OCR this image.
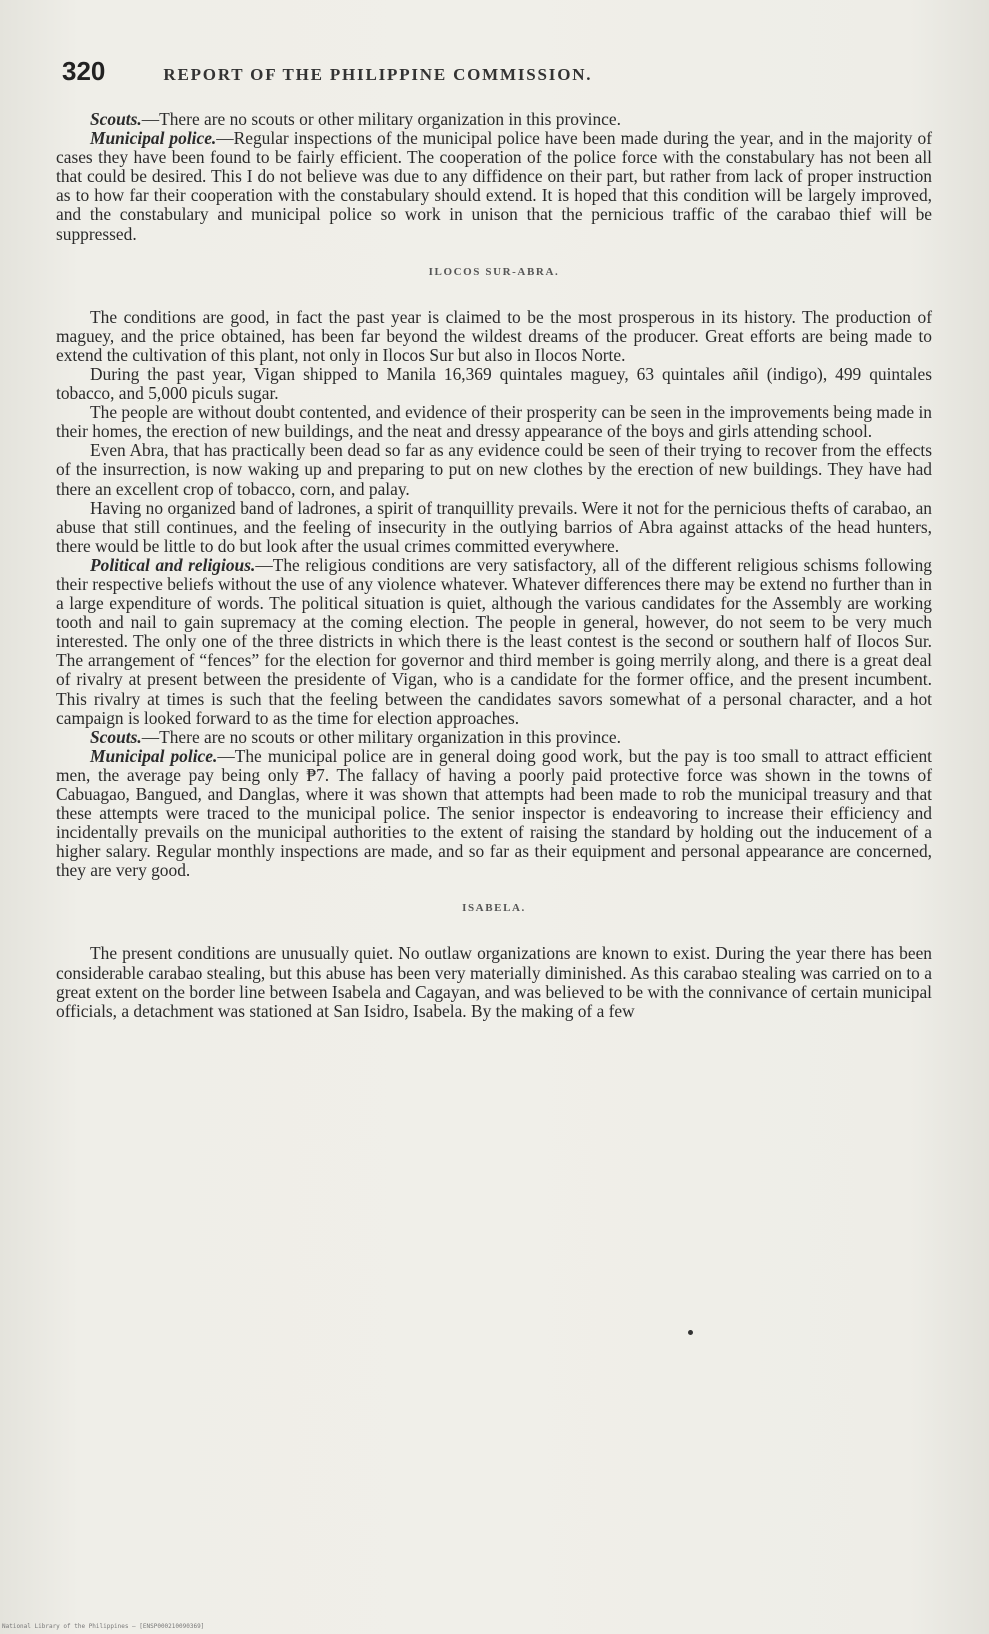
320	REPORT OF THE PHILIPPINE COMMISSION.

Scouts.—There are no scouts or other military organization in this province.

Municipal police.—Regular inspections of the municipal police have been made during the year, and in the majority of cases they have been found to be fairly efficient. The cooperation of the police force with the constabulary has not been all that could be desired. This I do not believe was due to any diffidence on their part, but rather from lack of proper instruction as to how far their cooperation with the constabulary should extend. It is hoped that this condition will be largely improved, and the constabulary and municipal police so work in unison that the pernicious traffic of the carabao thief will be suppressed.

ILOCOS SUR-ABRA.

The conditions are good, in fact the past year is claimed to be the most prosperous in its history. The production of maguey, and the price obtained, has been far beyond the wildest dreams of the producer. Great efforts are being made to extend the cultivation of this plant, not only in Ilocos Sur but also in Ilocos Norte.

During the past year, Vigan shipped to Manila 16,369 quintales maguey, 63 quintales añil (indigo), 499 quintales tobacco, and 5,000 piculs sugar.

The people are without doubt contented, and evidence of their prosperity can be seen in the improvements being made in their homes, the erection of new buildings, and the neat and dressy appearance of the boys and girls attending school.

Even Abra, that has practically been dead so far as any evidence could be seen of their trying to recover from the effects of the insurrection, is now waking up and preparing to put on new clothes by the erection of new buildings. They have had there an excellent crop of tobacco, corn, and palay.

Having no organized band of ladrones, a spirit of tranquillity prevails. Were it not for the pernicious thefts of carabao, an abuse that still continues, and the feeling of insecurity in the outlying barrios of Abra against attacks of the head hunters, there would be little to do but look after the usual crimes committed everywhere.

Political and religious.—The religious conditions are very satisfactory, all of the different religious schisms following their respective beliefs without the use of any violence whatever. Whatever differences there may be extend no further than in a large expenditure of words. The political situation is quiet, although the various candidates for the Assembly are working tooth and nail to gain supremacy at the coming election. The people in general, however, do not seem to be very much interested. The only one of the three districts in which there is the least contest is the second or southern half of Ilocos Sur. The arrangement of “fences” for the election for governor and third member is going merrily along, and there is a great deal of rivalry at present between the presidente of Vigan, who is a candidate for the former office, and the present incumbent. This rivalry at times is such that the feeling between the candidates savors somewhat of a personal character, and a hot campaign is looked forward to as the time for election approaches.

Scouts.—There are no scouts or other military organization in this province.

Municipal police.—The municipal police are in general doing good work, but the pay is too small to attract efficient men, the average pay being only ₱7. The fallacy of having a poorly paid protective force was shown in the towns of Cabuagao, Bangued, and Danglas, where it was shown that attempts had been made to rob the municipal treasury and that these attempts were traced to the municipal police. The senior inspector is endeavoring to increase their efficiency and incidentally prevails on the municipal authorities to the extent of raising the standard by holding out the inducement of a higher salary. Regular monthly inspections are made, and so far as their equipment and personal appearance are concerned, they are very good.

ISABELA.

The present conditions are unusually quiet. No outlaw organizations are known to exist. During the year there has been considerable carabao stealing, but this abuse has been very materially diminished. As this carabao stealing was carried on to a great extent on the border line between Isabela and Cagayan, and was believed to be with the connivance of certain municipal officials, a detachment was stationed at San Isidro, Isabela. By the making of a few

National Library of the Philippines — [ENSP000210090369]
